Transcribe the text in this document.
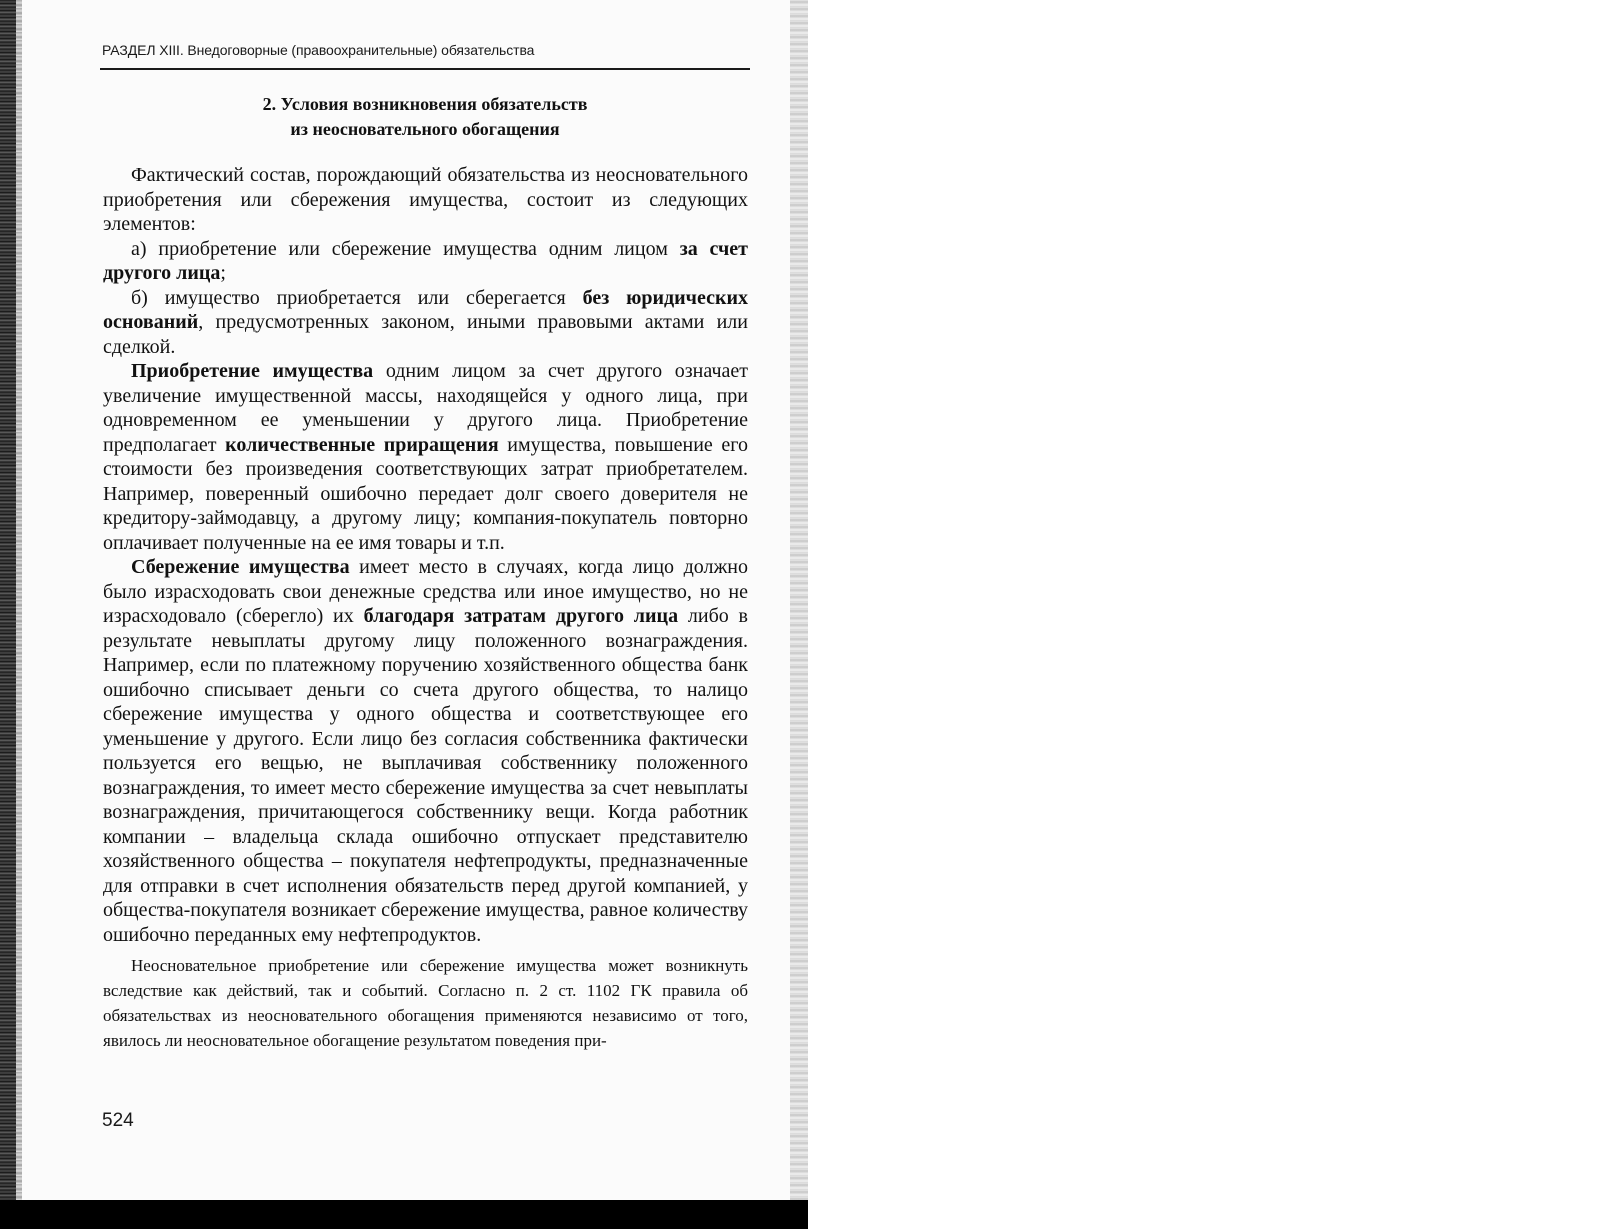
РАЗДЕЛ XIII. Внедоговорные (правоохранительные) обязательства
2. Условия возникновения обязательств
из неосновательного обогащения

Фактический состав, порождающий обязательства из неосновательного приобретения или сбережения имущества, состоит из следующих элементов:

а) приобретение или сбережение имущества одним лицом за счет другого лица;

б) имущество приобретается или сберегается без юридических оснований, предусмотренных законом, иными правовыми актами или сделкой.

Приобретение имущества одним лицом за счет другого означает увеличение имущественной массы, находящейся у одного лица, при одновременном ее уменьшении у другого лица. Приобретение предполагает количественные приращения имущества, повышение его стоимости без произведения соответствующих затрат приобретателем. Например, поверенный ошибочно передает долг своего доверителя не кредитору-займодавцу, а другому лицу; компания-покупатель повторно оплачивает полученные на ее имя товары и т.п.

Сбережение имущества имеет место в случаях, когда лицо должно было израсходовать свои денежные средства или иное имущество, но не израсходовало (сберегло) их благодаря затратам другого лица либо в результате невыплаты другому лицу положенного вознаграждения. Например, если по платежному поручению хозяйственного общества банк ошибочно списывает деньги со счета другого общества, то налицо сбережение имущества у одного общества и соответствующее его уменьшение у другого. Если лицо без согласия собственника фактически пользуется его вещью, не выплачивая собственнику положенного вознаграждения, то имеет место сбережение имущества за счет невыплаты вознаграждения, причитающегося собственнику вещи. Когда работник компании – владельца склада ошибочно отпускает представителю хозяйственного общества – покупателя нефтепродукты, предназначенные для отправки в счет исполнения обязательств перед другой компанией, у общества-покупателя возникает сбережение имущества, равное количеству ошибочно переданных ему нефтепродуктов.

Неосновательное приобретение или сбережение имущества может возникнуть вследствие как действий, так и событий. Согласно п. 2 ст. 1102 ГК правила об обязательствах из неосновательного обогащения применяются независимо от того, явилось ли неосновательное обогащение результатом поведения при-

524
